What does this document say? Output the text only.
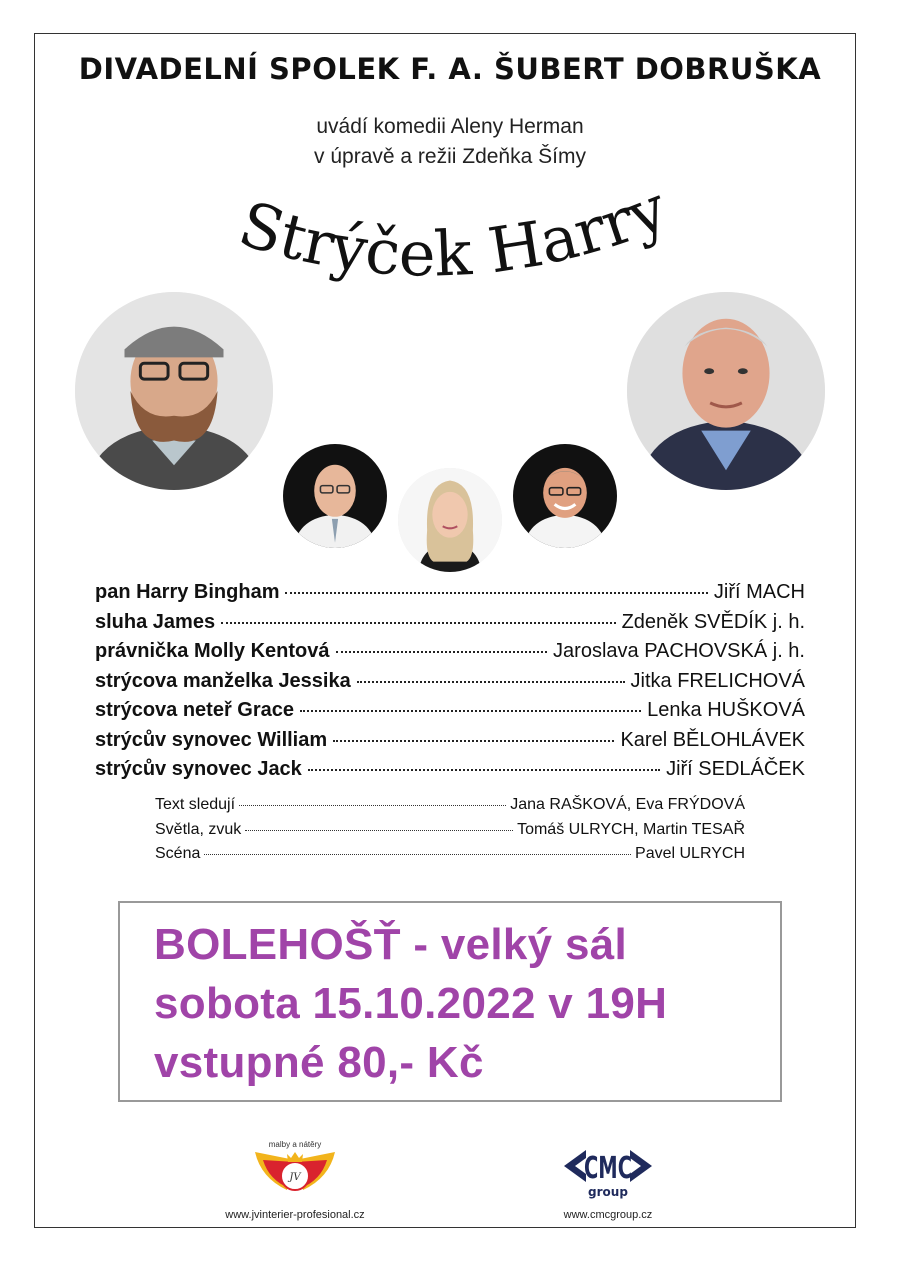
DIVADELNÍ SPOLEK F. A. ŠUBERT DOBRUŠKA
uvádí komedii Aleny Herman
v úpravě a režii Zdeňka Šímy
Strýček Harry
pan Harry Bingham	Jiří MACH
sluha James	Zdeněk SVĚDÍK j. h.
právnička Molly Kentová	Jaroslava PACHOVSKÁ j. h.
strýcova manželka Jessika	Jitka FRELICHOVÁ
strýcova neteř Grace	Lenka HUŠKOVÁ
strýcův synovec William	Karel BĚLOHLÁVEK
strýcův synovec Jack	Jiří SEDLÁČEK
Text sledují	Jana RAŠKOVÁ, Eva FRÝDOVÁ
Světla, zvuk	Tomáš ULRYCH, Martin TESAŘ
Scéna	Pavel ULRYCH
BOLEHOŠŤ - velký sál
sobota 15.10.2022 v 19H
vstupné 80,- Kč
malby a nátěry
JV
www.jvinterier-profesional.cz
CMC
group
www.cmcgroup.cz
